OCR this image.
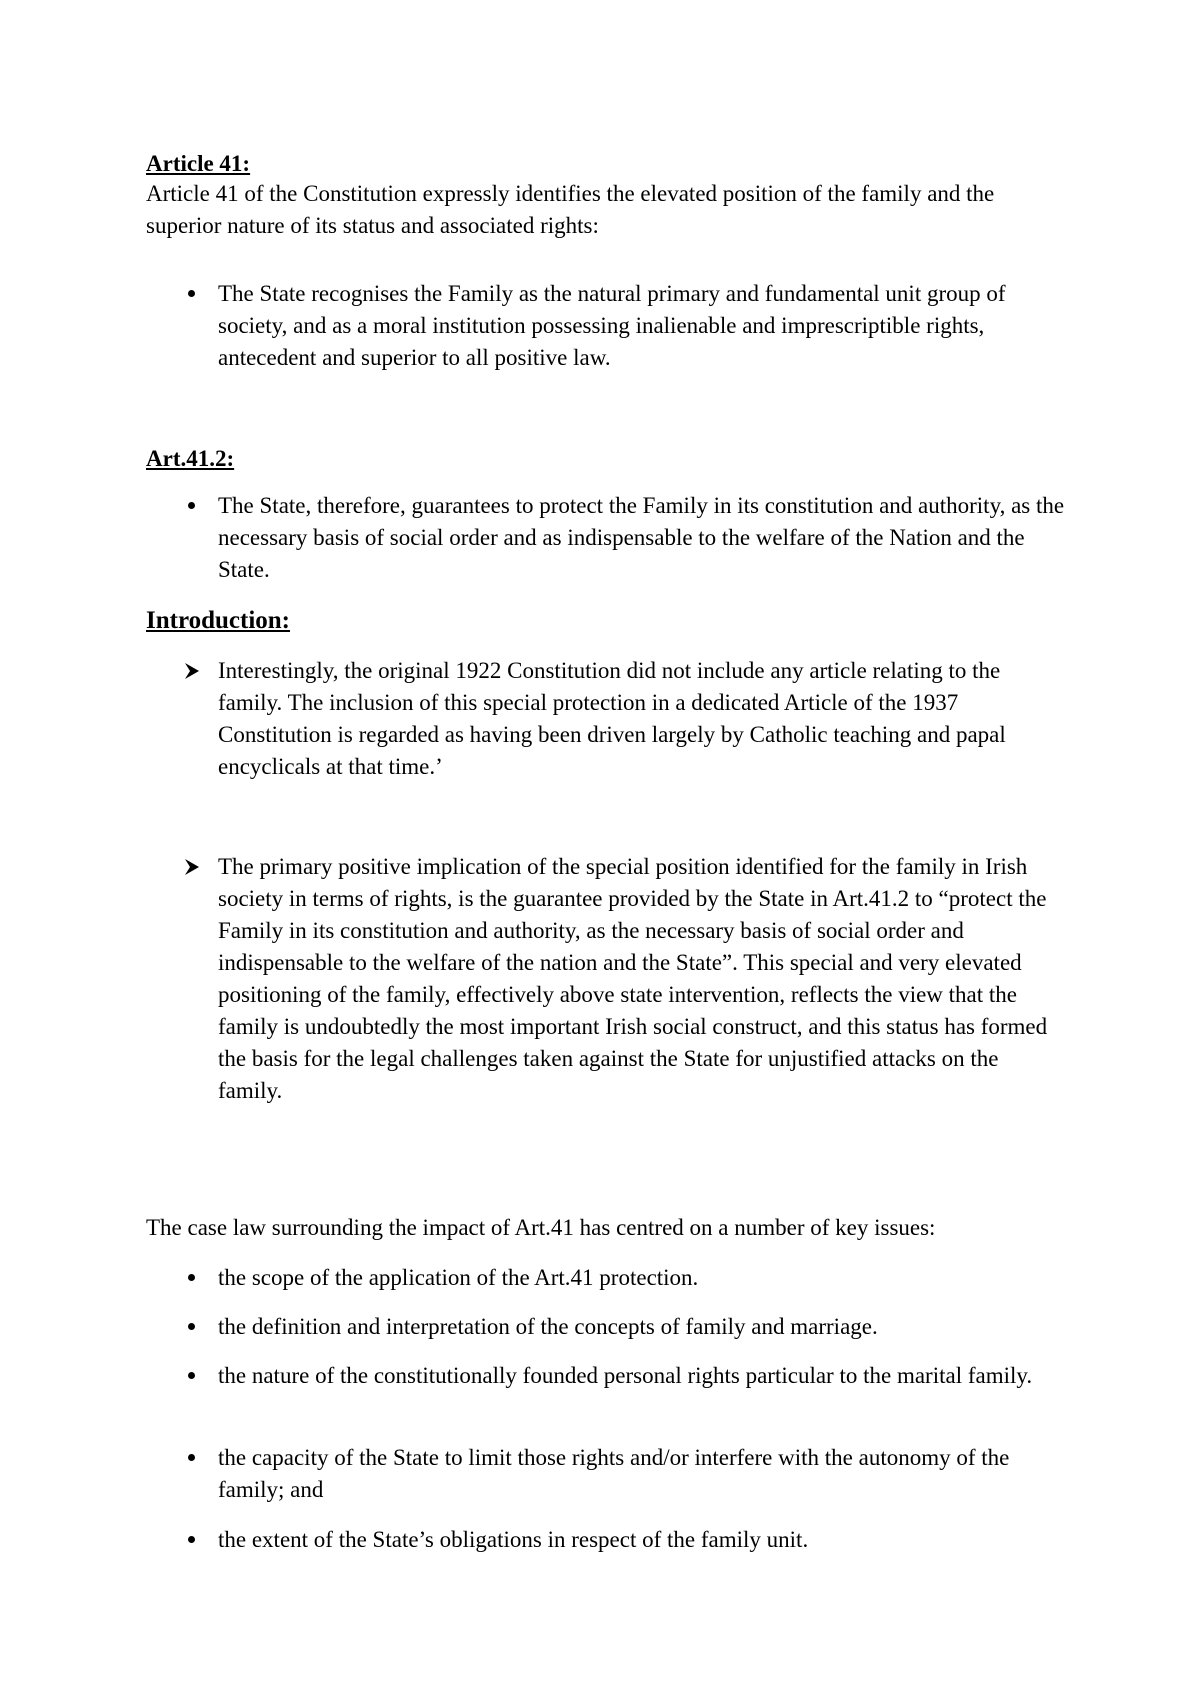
Article 41:

Article 41 of the Constitution expressly identifies the elevated position of the family and the superior nature of its status and associated rights:

The State recognises the Family as the natural primary and fundamental unit group of society, and as a moral institution possessing inalienable and imprescriptible rights, antecedent and superior to all positive law.
Art.41.2:
The State, therefore, guarantees to protect the Family in its constitution and authority, as the necessary basis of social order and as indispensable to the welfare of the Nation and the State.
Introduction:
Interestingly, the original 1922 Constitution did not include any article relating to the family. The inclusion of this special protection in a dedicated Article of the 1937 Constitution is regarded as having been driven largely by Catholic teaching and papal encyclicals at that time.’
The primary positive implication of the special position identified for the family in Irish society in terms of rights, is the guarantee provided by the State in Art.41.2 to “protect the Family in its constitution and authority, as the necessary basis of social order and indispensable to the welfare of the nation and the State”. This special and very elevated positioning of the family, effectively above state intervention, reflects the view that the family is undoubtedly the most important Irish social construct, and this status has formed the basis for the legal challenges taken against the State for unjustified attacks on the family.

The case law surrounding the impact of Art.41 has centred on a number of key issues:

the scope of the application of the Art.41 protection.
the definition and interpretation of the concepts of family and marriage.
the nature of the constitutionally founded personal rights particular to the marital family.
the capacity of the State to limit those rights and/or interfere with the autonomy of the family; and
the extent of the State’s obligations in respect of the family unit.
